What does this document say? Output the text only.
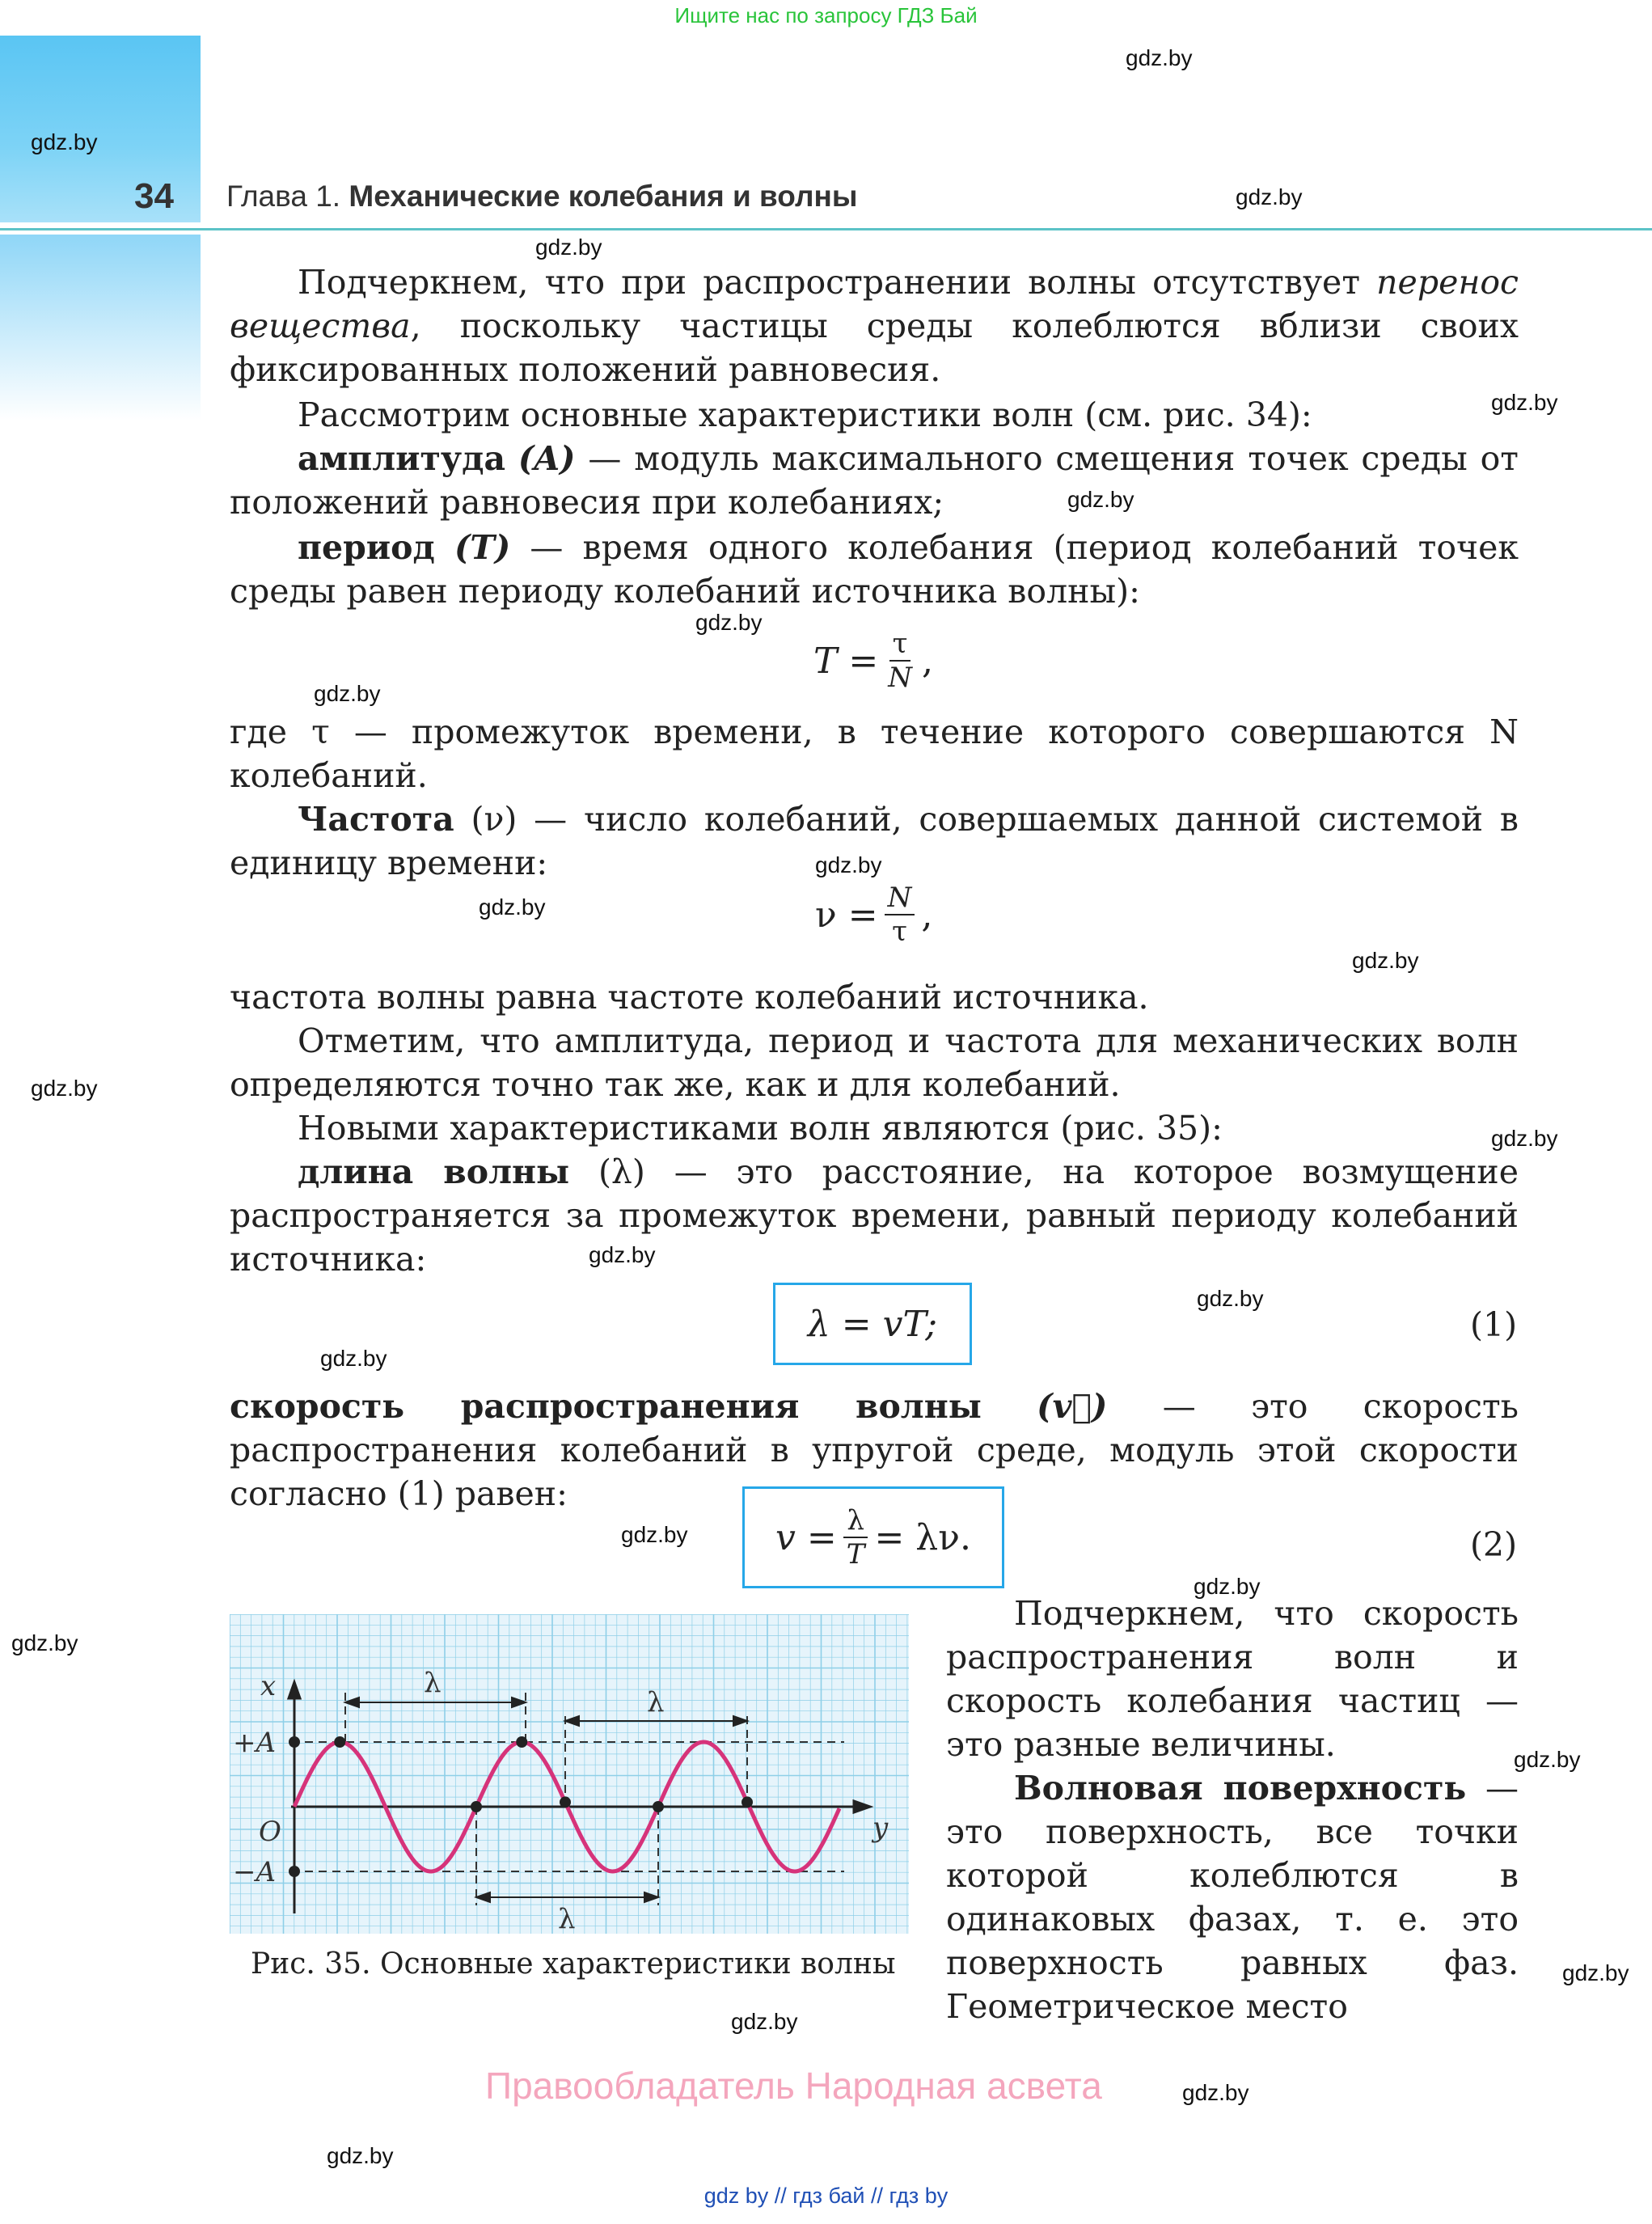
Ищите нас по запросу ГДЗ Бай
34 Глава 1. Механические колебания и волны
gdz.by
gdz.by
gdz.by
gdz.by
gdz.by
gdz.by
gdz.by
gdz.by
gdz.by
gdz.by
gdz.by
gdz.by
gdz.by
gdz.by
gdz.by
gdz.by
gdz.by
gdz.by
gdz.by
gdz.by
gdz.by
gdz.by
gdz.by
gdz.by
Подчеркнем, что при распространении волны отсутствует перенос вещества, поскольку частицы среды колеблются вблизи своих фиксированных положений равновесия.
Рассмотрим основные характеристики волн (см. рис. 34):
амплитуда (A) — модуль максимального смещения точек среды от положений равновесия при колебаниях;
период (T) — время одного колебания (период колебаний точек среды равен периоду колебаний источника волны):
$T = \frac{\tau}{N}$ ,
где τ — промежуток времени, в течение которого совершаются N колебаний.
Частота (ν) — число колебаний, совершаемых данной системой в единицу времени:
$\nu = \frac{N}{\tau}$ ,
частота волны равна частоте колебаний источника.
Отметим, что амплитуда, период и частота для механических волн определяются точно так же, как и для колебаний.
Новыми характеристиками волн являются (рис. 35):
длина волны (λ) — это расстояние, на которое возмущение распространяется за промежуток времени, равный периоду колебаний источника:
λ = vT;	(1)
скорость распространения волны (v⃗) — это скорость распространения колебаний в упругой среде, модуль этой скорости согласно (1) равен:
$v = \frac{\lambda}{T} = \lambda\nu$.	(2)
x
y
+A
−A
O
λ
λ
λ
Рис. 35. Основные характеристики волны
Подчеркнем, что скорость распространения волн и скорость колебания частиц — это разные величины.
Волновая поверхность — это поверхность, все точки которой колеблются в одинаковых фазах, т. е. это поверхность равных фаз. Геометрическое место
Правообладатель Народная асвета
gdz by // гдз бай // гдз by
